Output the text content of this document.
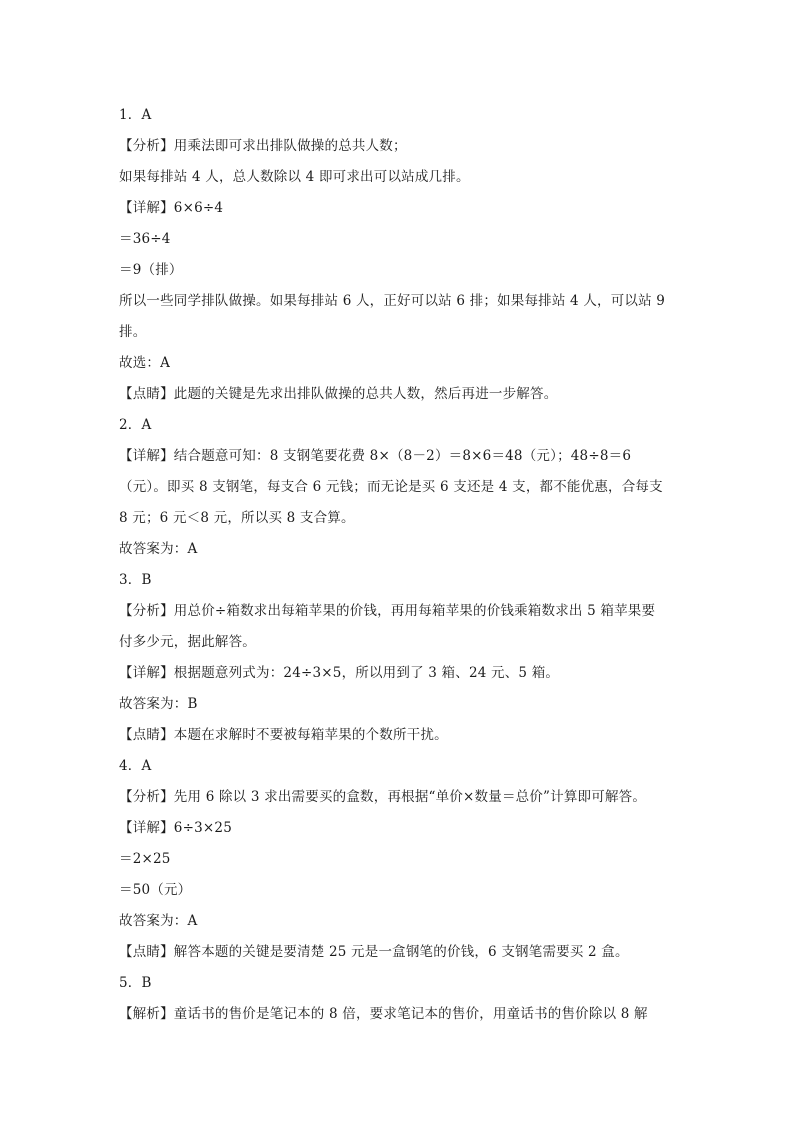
1．A
【分析】用乘法即可求出排队做操的总共人数；
如果每排站 4 人，总人数除以 4 即可求出可以站成几排。
【详解】6×6÷4
＝36÷4
＝9（排）
所以一些同学排队做操。如果每排站 6 人，正好可以站 6 排；如果每排站 4 人，可以站 9
排。
故选：A
【点睛】此题的关键是先求出排队做操的总共人数，然后再进一步解答。
2．A
【详解】结合题意可知：8 支钢笔要花费 8×（8－2）＝8×6＝48（元）；48÷8＝6
（元）。即买 8 支钢笔，每支合 6 元钱；而无论是买 6 支还是 4 支，都不能优惠，合每支
8 元；6 元＜8 元，所以买 8 支合算。
故答案为：A
3．B
【分析】用总价÷箱数求出每箱苹果的价钱，再用每箱苹果的价钱乘箱数求出 5 箱苹果要
付多少元，据此解答。
【详解】根据题意列式为：24÷3×5，所以用到了 3 箱、24 元、5 箱。
故答案为：B
【点睛】本题在求解时不要被每箱苹果的个数所干扰。
4．A
【分析】先用 6 除以 3 求出需要买的盒数，再根据“单价×数量＝总价”计算即可解答。
【详解】6÷3×25
＝2×25
＝50（元）
故答案为：A
【点睛】解答本题的关键是要清楚 25 元是一盒钢笔的价钱，6 支钢笔需要买 2 盒。
5．B
【解析】童话书的售价是笔记本的 8 倍，要求笔记本的售价，用童话书的售价除以 8 解
